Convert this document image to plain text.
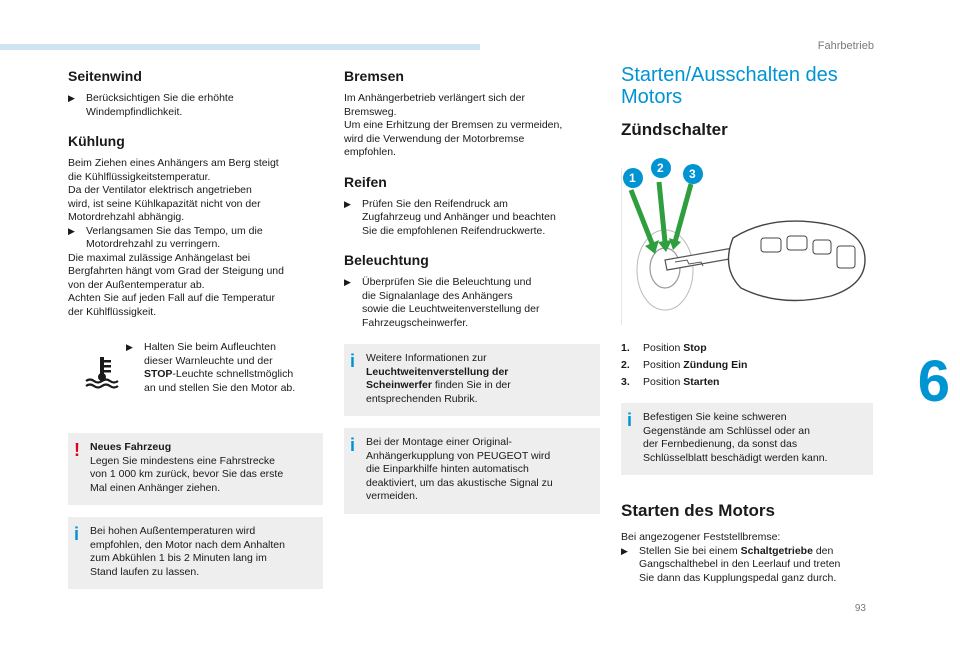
Fahrbetrieb
6
93
Seitenwind
▶ Berücksichtigen Sie die erhöhte
Windempfindlichkeit.
Kühlung
Beim Ziehen eines Anhängers am Berg steigt
die Kühlflüssigkeitstemperatur.
Da der Ventilator elektrisch angetrieben
wird, ist seine Kühlkapazität nicht von der
Motordrehzahl abhängig.
▶ Verlangsamen Sie das Tempo, um die
Motordrehzahl zu verringern.
Die maximal zulässige Anhängelast bei
Bergfahrten hängt vom Grad der Steigung und
von der Außentemperatur ab.
Achten Sie auf jeden Fall auf die Temperatur
der Kühlflüssigkeit.
▶ Halten Sie beim Aufleuchten
dieser Warnleuchte und der
STOP-Leuchte schnellstmöglich
an und stellen Sie den Motor ab.
! Neues Fahrzeug
Legen Sie mindestens eine Fahrstrecke
von 1 000 km zurück, bevor Sie das erste
Mal einen Anhänger ziehen.
i Bei hohen Außentemperaturen wird
empfohlen, den Motor nach dem Anhalten
zum Abkühlen 1 bis 2 Minuten lang im
Stand laufen zu lassen.
Bremsen
Im Anhängerbetrieb verlängert sich der
Bremsweg.
Um eine Erhitzung der Bremsen zu vermeiden,
wird die Verwendung der Motorbremse
empfohlen.
Reifen
▶ Prüfen Sie den Reifendruck am
Zugfahrzeug und Anhänger und beachten
Sie die empfohlenen Reifendruckwerte.
Beleuchtung
▶ Überprüfen Sie die Beleuchtung und
die Signalanlage des Anhängers
sowie die Leuchtweitenverstellung der
Fahrzeugscheinwerfer.
i Weitere Informationen zur
Leuchtweitenverstellung der
Scheinwerfer finden Sie in der
entsprechenden Rubrik.
i Bei der Montage einer Original-
Anhängerkupplung von PEUGEOT wird
die Einparkhilfe hinten automatisch
deaktiviert, um das akustische Signal zu
vermeiden.
Starten/Ausschalten des
Motors
Zündschalter
1
2 3
1. Position Stop
2. Position Zündung Ein
3. Position Starten
i Befestigen Sie keine schweren
Gegenstände am Schlüssel oder an
der Fernbedienung, da sonst das
Schlüsselblatt beschädigt werden kann.
Starten des Motors
Bei angezogener Feststellbremse:
▶ Stellen Sie bei einem Schaltgetriebe den
Gangschalthebel in den Leerlauf und treten
Sie dann das Kupplungspedal ganz durch.
